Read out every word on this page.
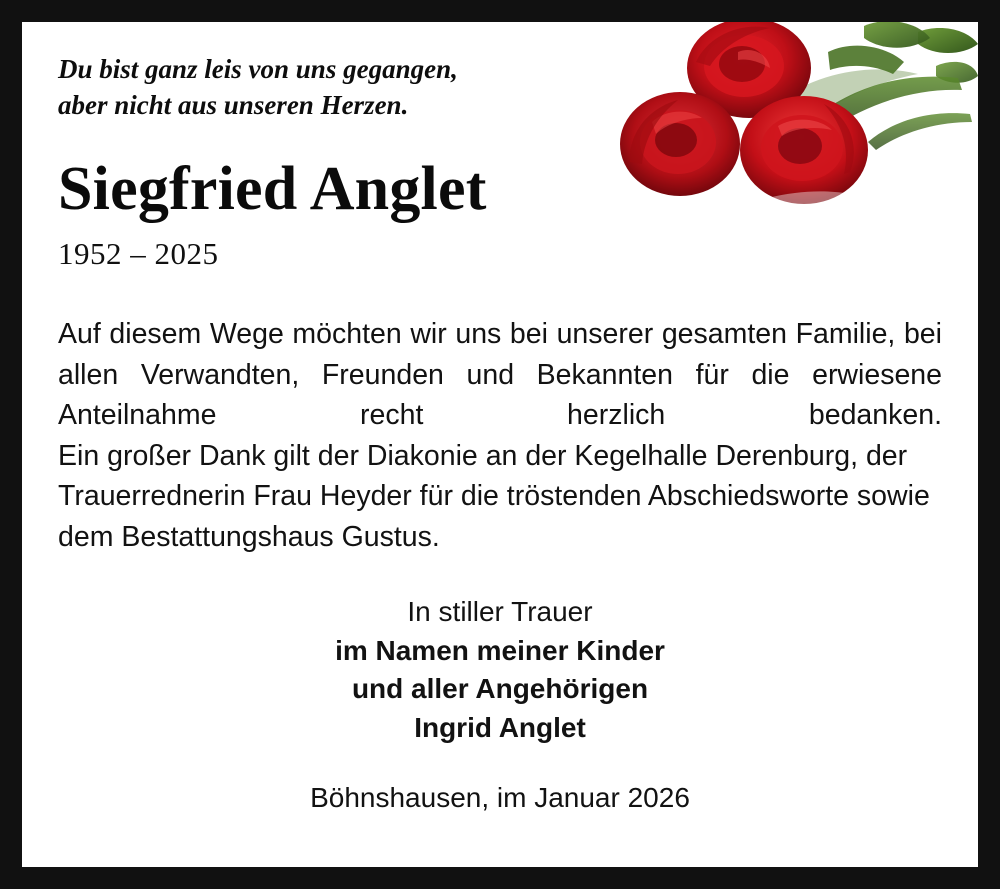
Du bist ganz leis von uns gegangen,
aber nicht aus unseren Herzen.
Siegfried Anglet
1952 – 2025

Auf diesem Wege möchten wir uns bei unserer gesamten Familie, bei allen Verwandten, Freunden und Bekannten für die erwiesene Anteilnahme recht herzlich bedanken.

Ein großer Dank gilt der Diakonie an der Kegelhalle Derenburg, der Trauerrednerin Frau Heyder für die tröstenden Abschiedsworte sowie dem Bestattungshaus Gustus.

In stiller Trauer
im Namen meiner Kinder
und aller Angehörigen
Ingrid Anglet
Böhnshausen, im Januar 2026
